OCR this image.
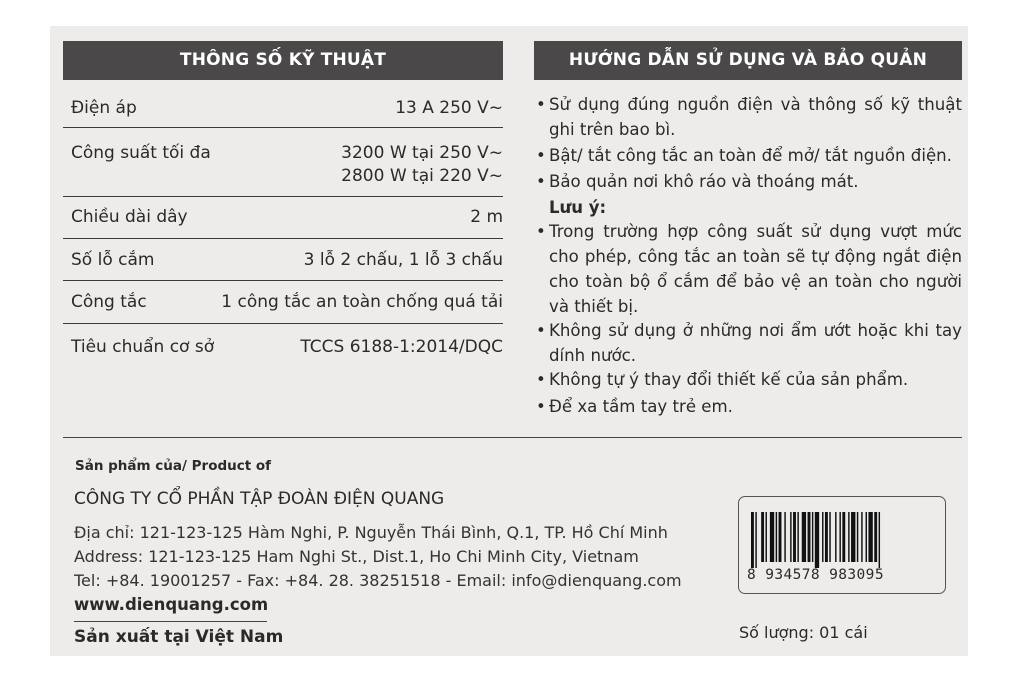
THÔNG SỐ KỸ THUẬT
Điện áp	13 A 250 V~
Công suất tối đa	3200 W tại 250 V~
2800 W tại 220 V~
Chiều dài dây	2 m
Số lỗ cắm	3 lỗ 2 chấu, 1 lỗ 3 chấu
Công tắc	1 công tắc an toàn chống quá tải
Tiêu chuẩn cơ sở	TCCS 6188-1:2014/DQC
HƯỚNG DẪN SỬ DỤNG VÀ BẢO QUẢN
• Sử dụng đúng nguồn điện và thông số kỹ thuật ghi trên bao bì.
• Bật/ tắt công tắc an toàn để mở/ tắt nguồn điện.
• Bảo quản nơi khô ráo và thoáng mát.
Lưu ý:
• Trong trường hợp công suất sử dụng vượt mức cho phép, công tắc an toàn sẽ tự động ngắt điện cho toàn bộ ổ cắm để bảo vệ an toàn cho người và thiết bị.
• Không sử dụng ở những nơi ẩm ướt hoặc khi tay dính nước.
• Không tự ý thay đổi thiết kế của sản phẩm.
• Để xa tầm tay trẻ em.
Sản phẩm của/ Product of
CÔNG TY CỔ PHẦN TẬP ĐOÀN ĐIỆN QUANG
Địa chỉ: 121-123-125 Hàm Nghi, P. Nguyễn Thái Bình, Q.1, TP. Hồ Chí Minh
Address: 121-123-125 Ham Nghi St., Dist.1, Ho Chi Minh City, Vietnam
Tel: +84. 19001257 - Fax: +84. 28. 38251518 - Email: info@dienquang.com
www.dienquang.com
Sản xuất tại Việt Nam
8 934578 983095
Số lượng: 01 cái
